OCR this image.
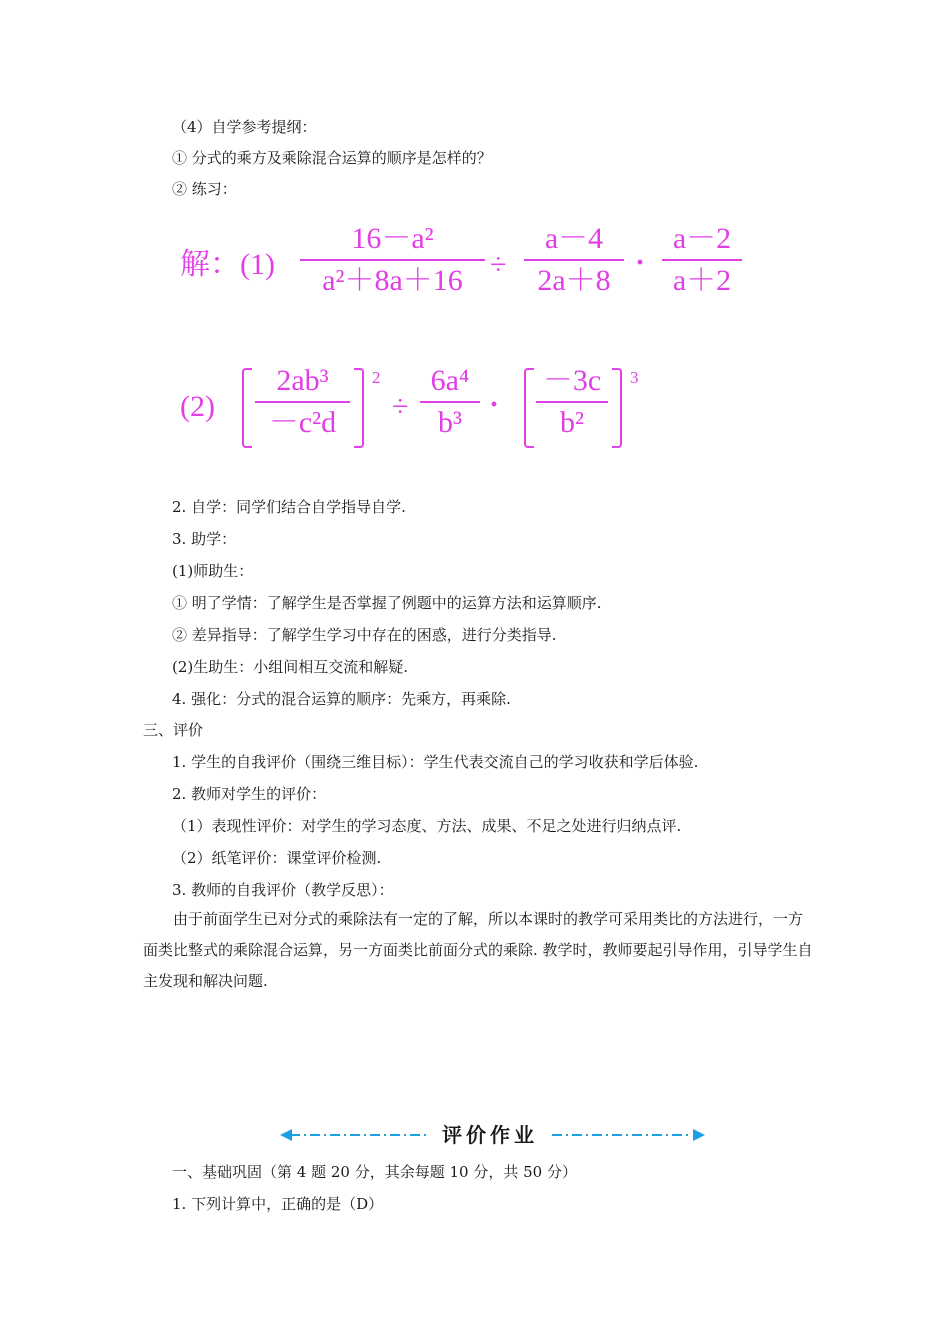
（4）自学参考提纲：
① 分式的乘方及乘除混合运算的顺序是怎样的？
② 练习：
解：(1)
16－a²
a²＋8a＋16 ÷
a－4
2a＋8
·
a－2
a＋2
(2)
2ab³
－c²d
2
÷
6a⁴
b³
·
－3c
b²
3
2. 自学：同学们结合自学指导自学.
3. 助学：
(1)师助生：
① 明了学情：了解学生是否掌握了例题中的运算方法和运算顺序.
② 差异指导：了解学生学习中存在的困惑，进行分类指导.
(2)生助生：小组间相互交流和解疑.
4. 强化：分式的混合运算的顺序：先乘方，再乘除.
三、评价
1. 学生的自我评价（围绕三维目标）：学生代表交流自己的学习收获和学后体验.
2. 教师对学生的评价：
（1）表现性评价：对学生的学习态度、方法、成果、不足之处进行归纳点评.
（2）纸笔评价：课堂评价检测.
3. 教师的自我评价（教学反思）：
由于前面学生已对分式的乘除法有一定的了解，所以本课时的教学可采用类比的方法进行，一方面类比整式的乘除混合运算，另一方面类比前面分式的乘除. 教学时，教师要起引导作用，引导学生自主发现和解决问题.
评价作业
一、基础巩固（第 4 题 20 分，其余每题 10 分，共 50 分）
1. 下列计算中，正确的是（D）
